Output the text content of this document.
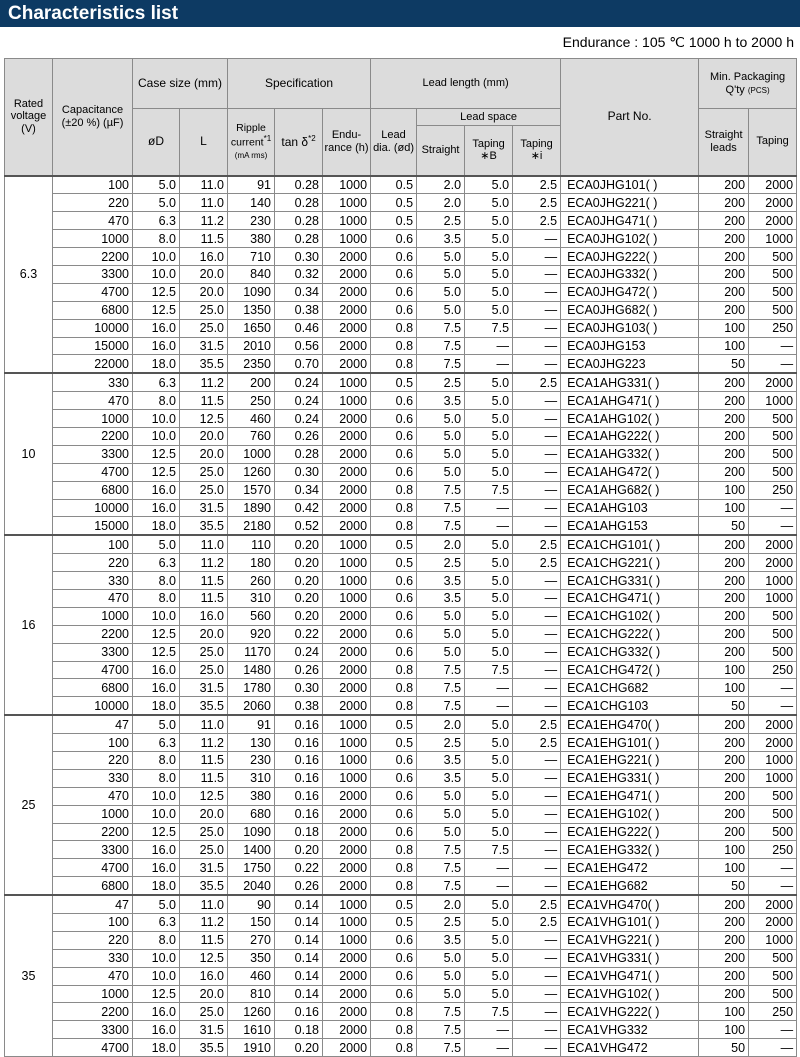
Characteristics list
Endurance : 105 ℃ 1000 h to 2000 h
Rated voltage (V)	Capacitance (±20 %) (µF)	Case size (mm)		Specification			Lead length (mm)				Part No.	Min. Packaging Q'ty (PCS)	
		øD	L	Ripple current$^{*1}$
(mA rms)	$\tan \delta^{*2}$	Endu-rance (h)	Lead dia. (ød)	Lead space				Straight leads	Taping
								Straight	Taping ∗B	Taping ∗i			
6.3	100	5.0	11.0	91	0.28	1000	0.5	2.0	5.0	2.5	ECA0JHG101( )	200	2000
	220	5.0	11.0	140	0.28	1000	0.5	2.0	5.0	2.5	ECA0JHG221( )	200	2000
	470	6.3	11.2	230	0.28	1000	0.5	2.5	5.0	2.5	ECA0JHG471( )	200	2000
	1000	8.0	11.5	380	0.28	1000	0.6	3.5	5.0	—	ECA0JHG102( )	200	1000
	2200	10.0	16.0	710	0.30	2000	0.6	5.0	5.0	—	ECA0JHG222( )	200	500
	3300	10.0	20.0	840	0.32	2000	0.6	5.0	5.0	—	ECA0JHG332( )	200	500
	4700	12.5	20.0	1090	0.34	2000	0.6	5.0	5.0	—	ECA0JHG472( )	200	500
	6800	12.5	25.0	1350	0.38	2000	0.6	5.0	5.0	—	ECA0JHG682( )	200	500
	10000	16.0	25.0	1650	0.46	2000	0.8	7.5	7.5	—	ECA0JHG103( )	100	250
	15000	16.0	31.5	2010	0.56	2000	0.8	7.5	—	—	ECA0JHG153	100	—
	22000	18.0	35.5	2350	0.70	2000	0.8	7.5	—	—	ECA0JHG223	50	—
10	330	6.3	11.2	200	0.24	1000	0.5	2.5	5.0	2.5	ECA1AHG331( )	200	2000
	470	8.0	11.5	250	0.24	1000	0.6	3.5	5.0	—	ECA1AHG471( )	200	1000
	1000	10.0	12.5	460	0.24	2000	0.6	5.0	5.0	—	ECA1AHG102( )	200	500
	2200	10.0	20.0	760	0.26	2000	0.6	5.0	5.0	—	ECA1AHG222( )	200	500
	3300	12.5	20.0	1000	0.28	2000	0.6	5.0	5.0	—	ECA1AHG332( )	200	500
	4700	12.5	25.0	1260	0.30	2000	0.6	5.0	5.0	—	ECA1AHG472( )	200	500
	6800	16.0	25.0	1570	0.34	2000	0.8	7.5	7.5	—	ECA1AHG682( )	100	250
	10000	16.0	31.5	1890	0.42	2000	0.8	7.5	—	—	ECA1AHG103	100	—
	15000	18.0	35.5	2180	0.52	2000	0.8	7.5	—	—	ECA1AHG153	50	—
16	100	5.0	11.0	110	0.20	1000	0.5	2.0	5.0	2.5	ECA1CHG101( )	200	2000
	220	6.3	11.2	180	0.20	1000	0.5	2.5	5.0	2.5	ECA1CHG221( )	200	2000
	330	8.0	11.5	260	0.20	1000	0.6	3.5	5.0	—	ECA1CHG331( )	200	1000
	470	8.0	11.5	310	0.20	1000	0.6	3.5	5.0	—	ECA1CHG471( )	200	1000
	1000	10.0	16.0	560	0.20	2000	0.6	5.0	5.0	—	ECA1CHG102( )	200	500
	2200	12.5	20.0	920	0.22	2000	0.6	5.0	5.0	—	ECA1CHG222( )	200	500
	3300	12.5	25.0	1170	0.24	2000	0.6	5.0	5.0	—	ECA1CHG332( )	200	500
	4700	16.0	25.0	1480	0.26	2000	0.8	7.5	7.5	—	ECA1CHG472( )	100	250
	6800	16.0	31.5	1780	0.30	2000	0.8	7.5	—	—	ECA1CHG682	100	—
	10000	18.0	35.5	2060	0.38	2000	0.8	7.5	—	—	ECA1CHG103	50	—
25	47	5.0	11.0	91	0.16	1000	0.5	2.0	5.0	2.5	ECA1EHG470( )	200	2000
	100	6.3	11.2	130	0.16	1000	0.5	2.5	5.0	2.5	ECA1EHG101( )	200	2000
	220	8.0	11.5	230	0.16	1000	0.6	3.5	5.0	—	ECA1EHG221( )	200	1000
	330	8.0	11.5	310	0.16	1000	0.6	3.5	5.0	—	ECA1EHG331( )	200	1000
	470	10.0	12.5	380	0.16	2000	0.6	5.0	5.0	—	ECA1EHG471( )	200	500
	1000	10.0	20.0	680	0.16	2000	0.6	5.0	5.0	—	ECA1EHG102( )	200	500
	2200	12.5	25.0	1090	0.18	2000	0.6	5.0	5.0	—	ECA1EHG222( )	200	500
	3300	16.0	25.0	1400	0.20	2000	0.8	7.5	7.5	—	ECA1EHG332( )	100	250
	4700	16.0	31.5	1750	0.22	2000	0.8	7.5	—	—	ECA1EHG472	100	—
	6800	18.0	35.5	2040	0.26	2000	0.8	7.5	—	—	ECA1EHG682	50	—
35	47	5.0	11.0	90	0.14	1000	0.5	2.0	5.0	2.5	ECA1VHG470( )	200	2000
	100	6.3	11.2	150	0.14	1000	0.5	2.5	5.0	2.5	ECA1VHG101( )	200	2000
	220	8.0	11.5	270	0.14	1000	0.6	3.5	5.0	—	ECA1VHG221( )	200	1000
	330	10.0	12.5	350	0.14	2000	0.6	5.0	5.0	—	ECA1VHG331( )	200	500
	470	10.0	16.0	460	0.14	2000	0.6	5.0	5.0	—	ECA1VHG471( )	200	500
	1000	12.5	20.0	810	0.14	2000	0.6	5.0	5.0	—	ECA1VHG102( )	200	500
	2200	16.0	25.0	1260	0.16	2000	0.8	7.5	7.5	—	ECA1VHG222( )	100	250
	3300	16.0	31.5	1610	0.18	2000	0.8	7.5	—	—	ECA1VHG332	100	—
	4700	18.0	35.5	1910	0.20	2000	0.8	7.5	—	—	ECA1VHG472	50	—
